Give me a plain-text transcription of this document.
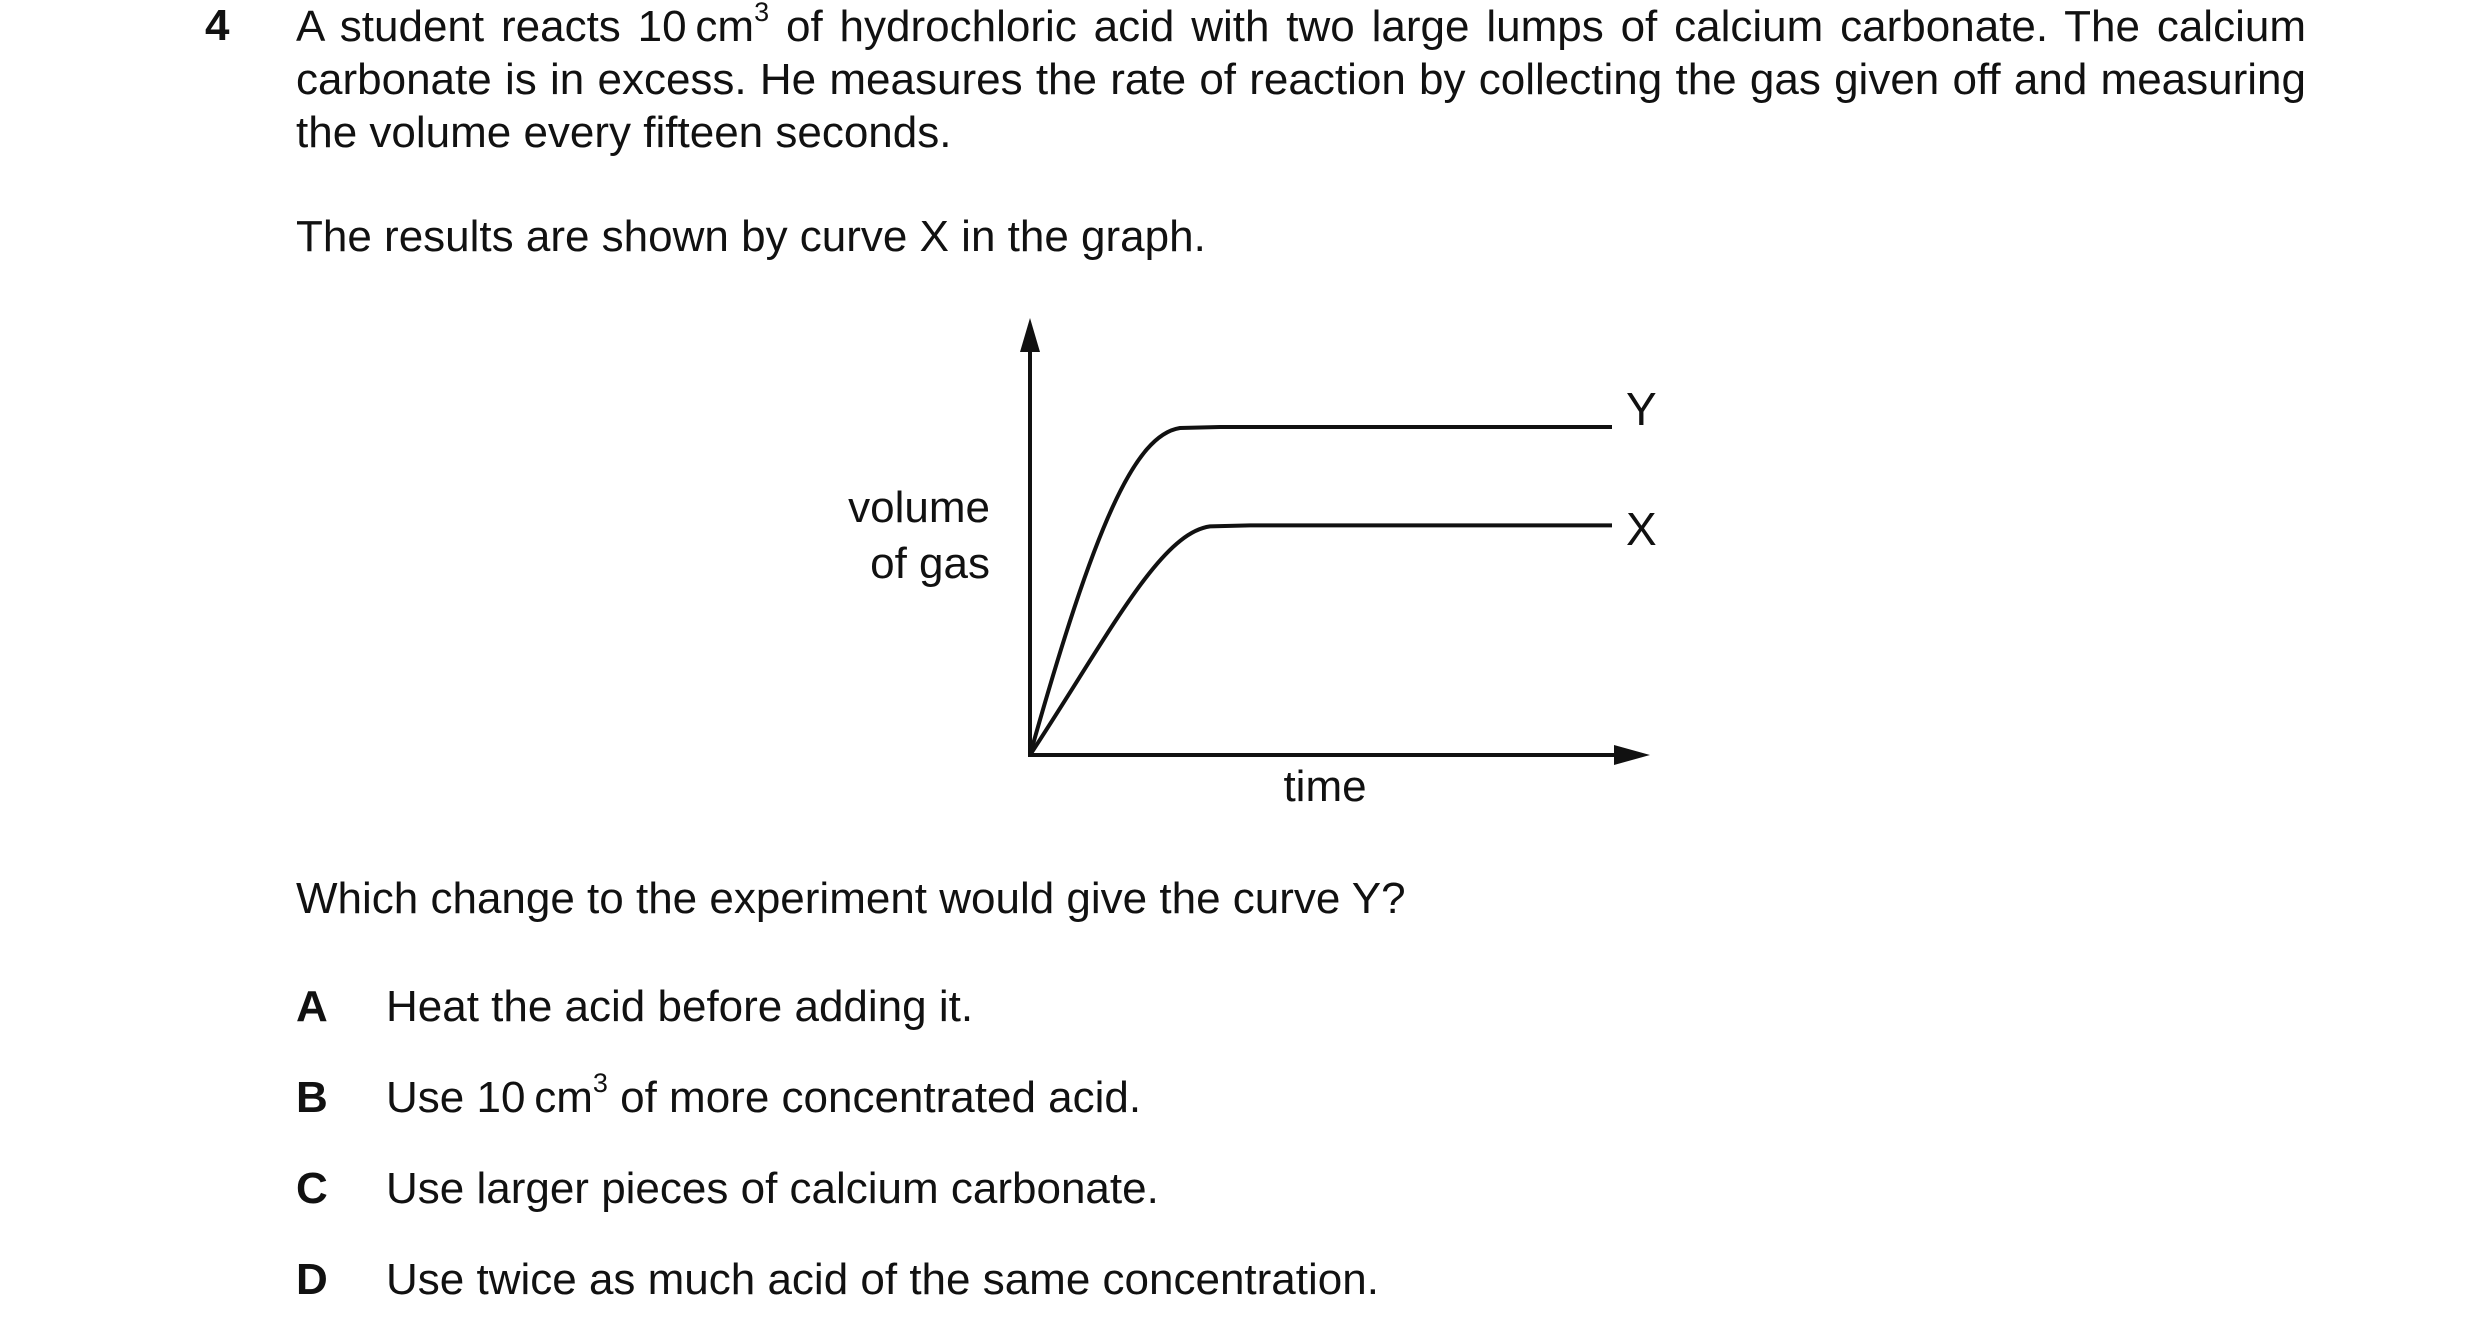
4 A student reacts 10 $cm^3$ of hydrochloric acid with two large lumps of calcium carbonate. The calcium carbonate is in excess. He measures the rate of reaction by collecting the gas given off and measuring the volume every fifteen seconds.

The results are shown by curve X in the graph.

volume
of gas
time
Y
X

Which change to the experiment would give the curve Y?

A Heat the acid before adding it.
B Use 10 $cm^3$ of more concentrated acid.
C Use larger pieces of calcium carbonate.
D Use twice as much acid of the same concentration.
